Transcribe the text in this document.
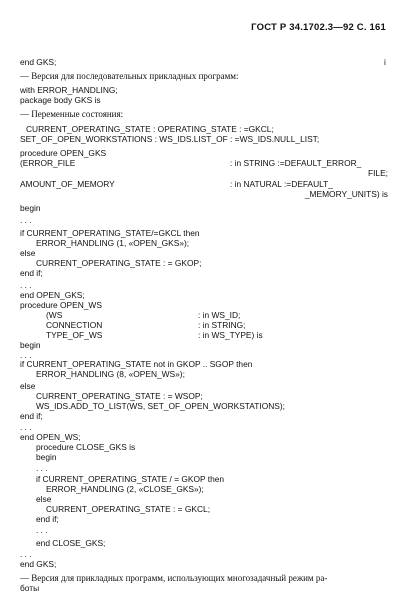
ГОСТ Р 34.1702.3—92 С. 161
end GKS;	i
— Версия для последовательных прикладных программ:
with ERROR_HANDLING;
package body GKS is
— Переменные состояния:
CURRENT_OPERATING_STATE : OPERATING_STATE : =GKCL;
SET_OF_OPEN_WORKSTATIONS : WS_IDS.LIST_OF : =WS_IDS.NULL_LIST;
procedure OPEN_GKS
(ERROR_FILE	: in STRING :=DEFAULT_ERROR_
FILE;
AMOUNT_OF_MEMORY	: in NATURAL :=DEFAULT_
_MEMORY_UNITS) is
begin
. . .
if CURRENT_OPERATING_STATE/=GKCL then
ERROR_HANDLING (1, «OPEN_GKS»);
else
CURRENT_OPERATING_STATE : = GKOP;
end if;
. . .
end OPEN_GKS;
procedure OPEN_WS
(WS	: in WS_ID;
CONNECTION	: in STRING;
TYPE_OF_WS	: in WS_TYPE) is
begin
. . .
if CURRENT_OPERATING_STATE not in GKOP .. SGOP then
ERROR_HANDLING (8, «OPEN_WS»);
else
CURRENT_OPERATING_STATE : = WSOP;
WS_IDS.ADD_TO_LIST(WS, SET_OF_OPEN_WORKSTATIONS);
end if;
. . .
end OPEN_WS;
procedure CLOSE_GKS is
begin
. . .
if CURRENT_OPERATING_STATE / = GKOP then
ERROR_HANDLING (2, «CLOSE_GKS»);
else
CURRENT_OPERATING_STATE : = GKCL;
end if;
. . .
end CLOSE_GKS;
. . .
end GKS;
— Версия для прикладных программ, использующих многозадачный режим ра-
боты
